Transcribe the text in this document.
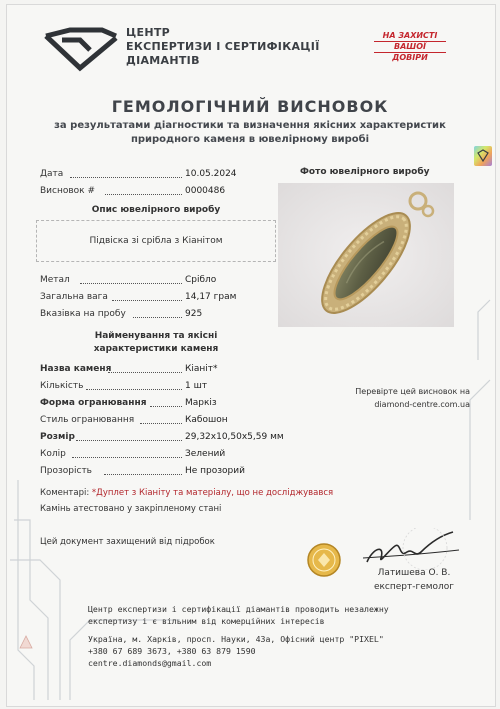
ЦЕНТР
ЕКСПЕРТИЗИ І СЕРТИФІКАЦІЇ
ДІАМАНТІВ
НА ЗАХИСТІ
ВАШОЇ
ДОВІРИ
ГЕМОЛОГІЧНИЙ ВИСНОВОК
за результатами діагностики та визначення якісних характеристик
природного каменя в ювелірному виробі
Дата	10.05.2024
Висновок #	0000486
Опис ювелірного виробу
Підвіска зі срібла з Кіанітом
Метал	Срібло
Загальна вага	14,17 грам
Вказівка на пробу	925
Найменування та якісні
характеристики каменя
Назва каменя	Кіаніт*
Кількість	1 шт
Форма огранювання	Маркіз
Стиль огранювання	Кабошон
Розмір	29,32х10,50х5,59 мм
Колір	Зелений
Прозорість	Не прозорий
Фото ювелірного виробу
Перевірте цей висновок на
diamond-centre.com.ua
Коментарі: *Дуплет з Кіаніту та матеріалу, що не досліджувався
Камінь атестовано у закріпленому стані
Цей документ захищений від підробок
Латишева О. В.
експерт-гемолог
Центр експертизи і сертифікації діамантів проводить незалежну
експертизу і є вільним від комерційних інтересів
Україна, м. Харків, просп. Науки, 43а, Офісний центр "PIXEL"
+380 67 689 3673, +380 63 879 1590
centre.diamonds@gmail.com
